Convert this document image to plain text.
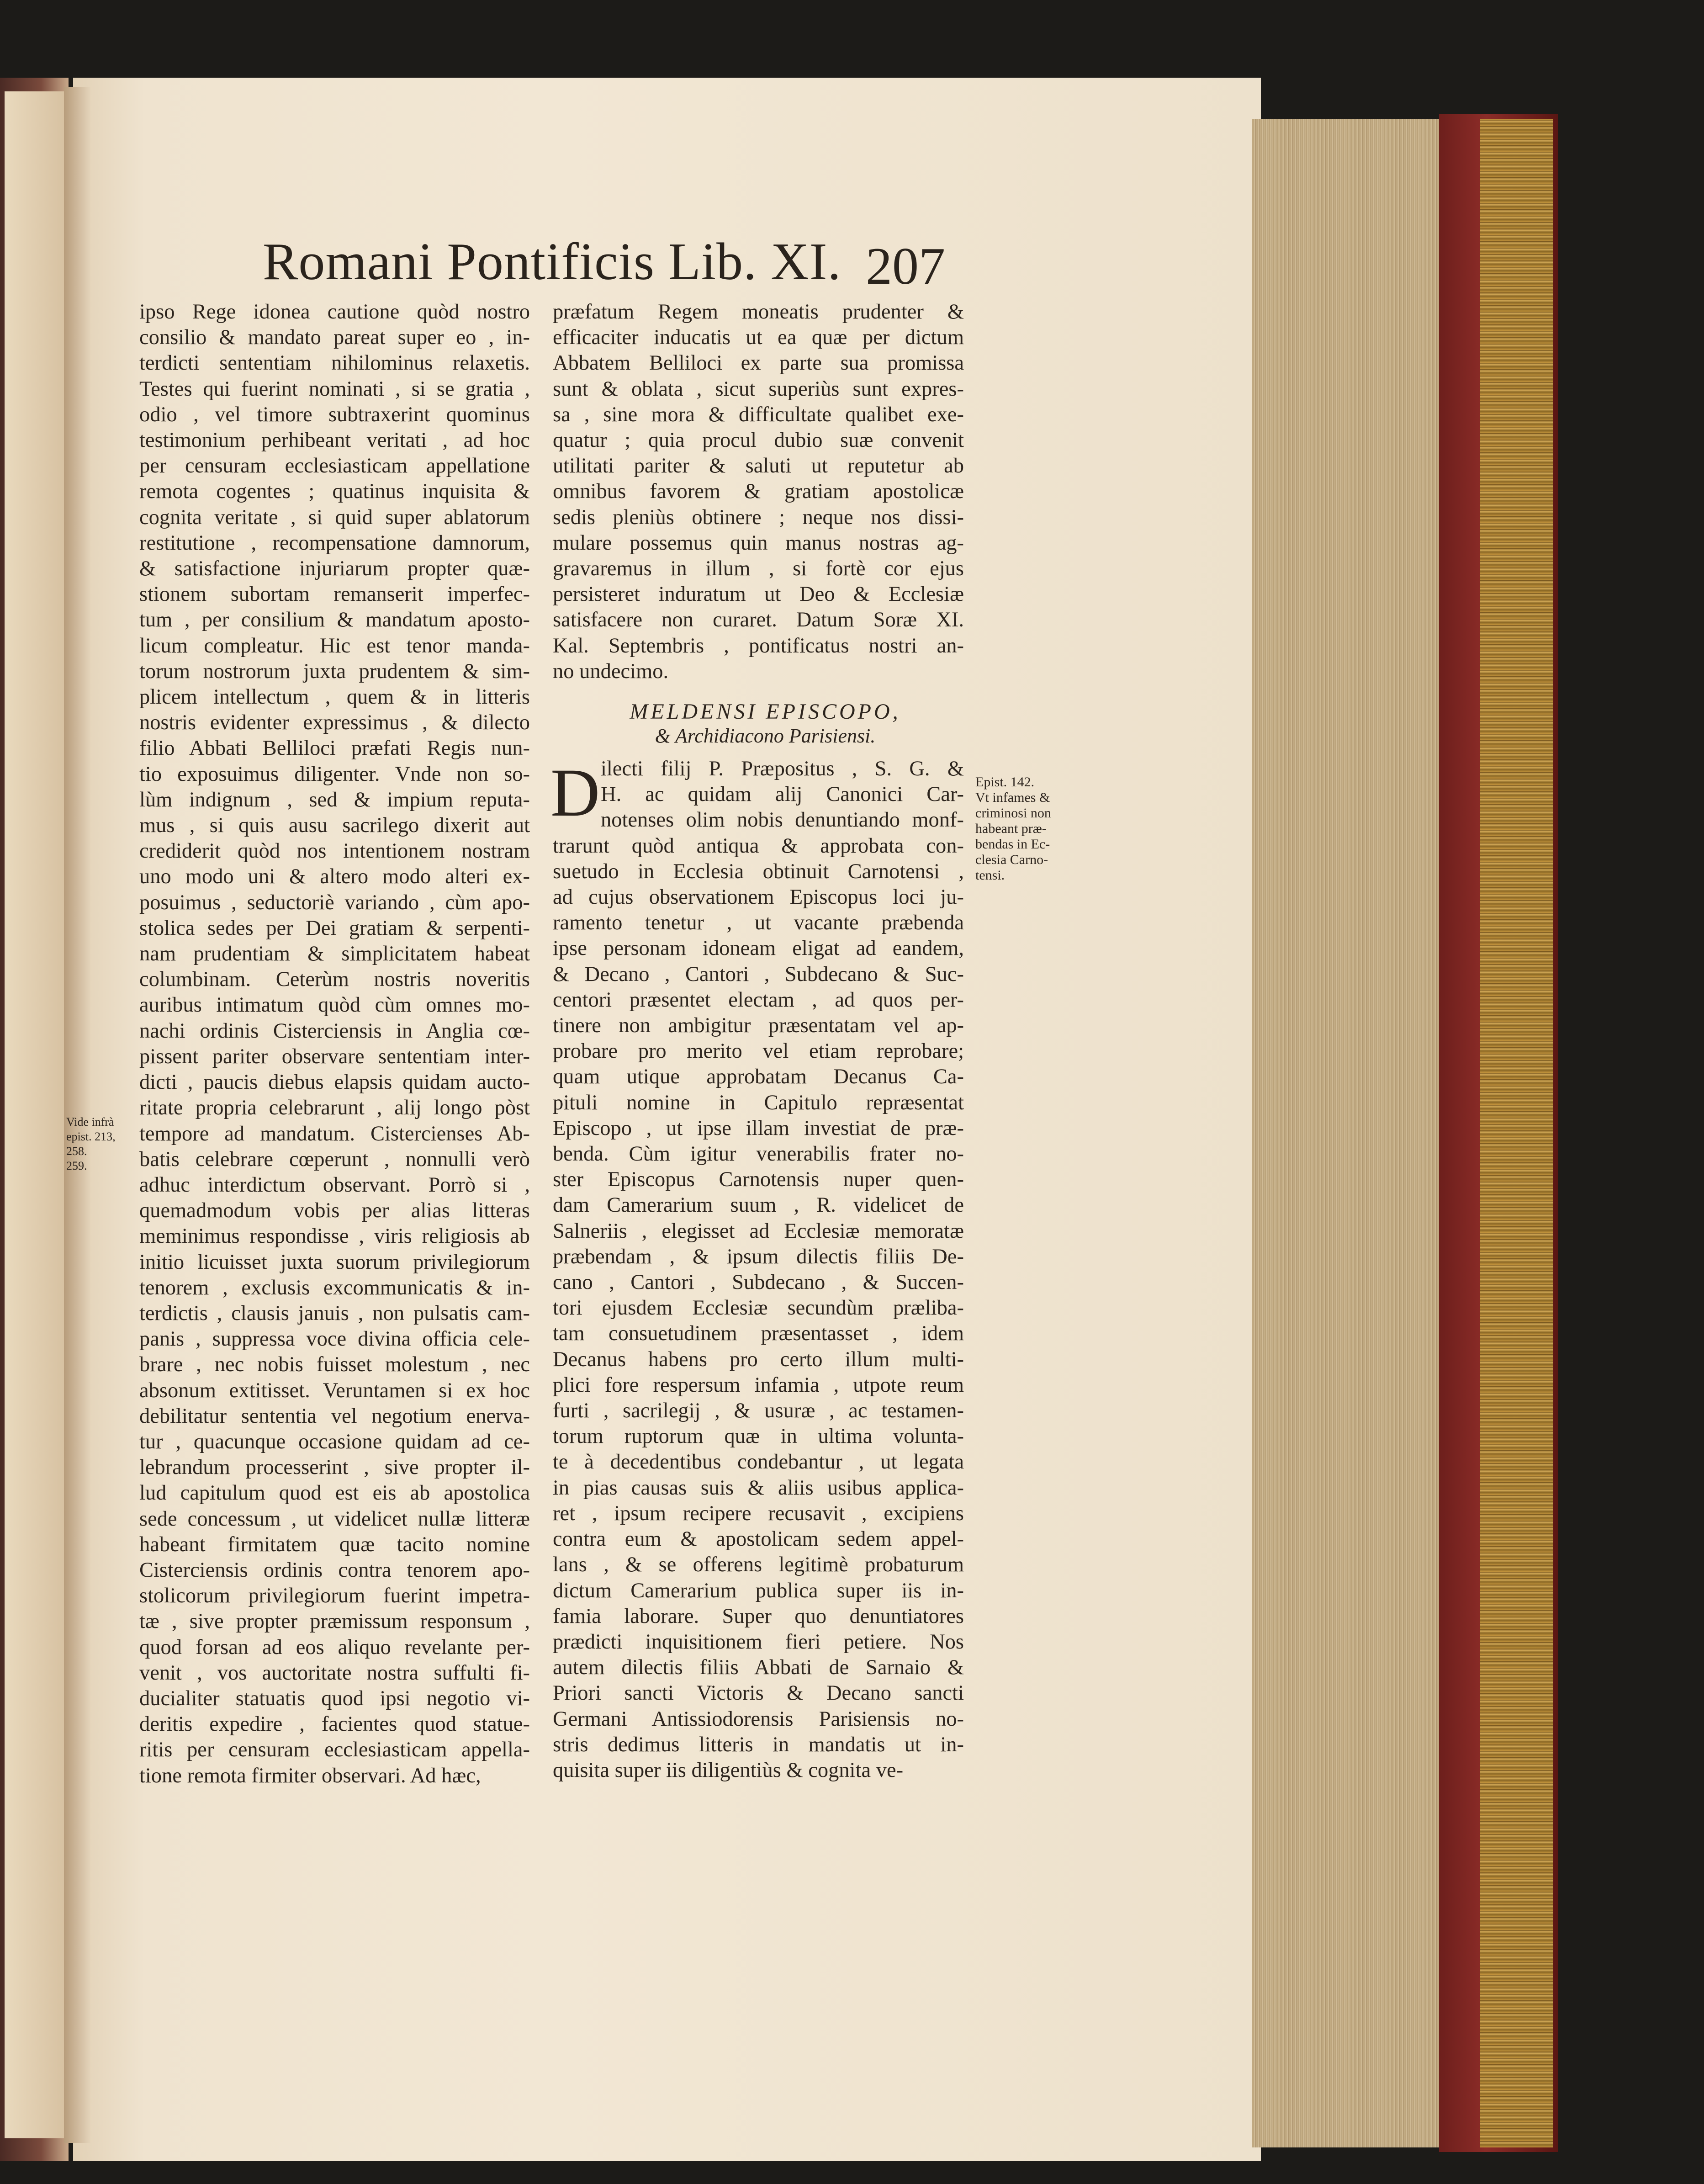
Romani Pontificis Lib. XI. 207
ipso Rege idonea cautione quòd nostro
consilio & mandato pareat super eo , in-
terdicti sententiam nihilominus relaxetis.
Testes qui fuerint nominati , si se gratia ,
odio , vel timore subtraxerint quominus
testimonium perhibeant veritati , ad hoc
per censuram ecclesiasticam appellatione
remota cogentes ; quatinus inquisita &
cognita veritate , si quid super ablatorum
restitutione , recompensatione damnorum,
& satisfactione injuriarum propter quæ-
stionem subortam remanserit imperfec-
tum , per consilium & mandatum aposto-
licum compleatur. Hic est tenor manda-
torum nostrorum juxta prudentem & sim-
plicem intellectum , quem & in litteris
nostris evidenter expressimus , & dilecto
filio Abbati Belliloci præfati Regis nun-
tio exposuimus diligenter. Vnde non so-
lùm indignum , sed & impium reputa-
mus , si quis ausu sacrilego dixerit aut
crediderit quòd nos intentionem nostram
uno modo uni & altero modo alteri ex-
posuimus , seductoriè variando , cùm apo-
stolica sedes per Dei gratiam & serpenti-
nam prudentiam & simplicitatem habeat
columbinam. Ceterùm nostris noveritis
auribus intimatum quòd cùm omnes mo-
nachi ordinis Cisterciensis in Anglia cœ-
pissent pariter observare sententiam inter-
dicti , paucis diebus elapsis quidam aucto-
ritate propria celebrarunt , alij longo pòst
tempore ad mandatum. Cistercienses Ab-
batis celebrare cœperunt , nonnulli verò
adhuc interdictum observant. Porrò si ,
quemadmodum vobis per alias litteras
meminimus respondisse , viris religiosis ab
initio licuisset juxta suorum privilegiorum
tenorem , exclusis excommunicatis & in-
terdictis , clausis januis , non pulsatis cam-
panis , suppressa voce divina officia cele-
brare , nec nobis fuisset molestum , nec
absonum extitisset. Veruntamen si ex hoc
debilitatur sententia vel negotium enerva-
tur , quacunque occasione quidam ad ce-
lebrandum processerint , sive propter il-
lud capitulum quod est eis ab apostolica
sede concessum , ut videlicet nullæ litteræ
habeant firmitatem quæ tacito nomine
Cisterciensis ordinis contra tenorem apo-
stolicorum privilegiorum fuerint impetra-
tæ , sive propter præmissum responsum ,
quod forsan ad eos aliquo revelante per-
venit , vos auctoritate nostra suffulti fi-
ducialiter statuatis quod ipsi negotio vi-
deritis expedire , facientes quod statue-
ritis per censuram ecclesiasticam appella-
tione remota firmiter observari. Ad hæc,
præfatum Regem moneatis prudenter &
efficaciter inducatis ut ea quæ per dictum
Abbatem Belliloci ex parte sua promissa
sunt & oblata , sicut superiùs sunt expres-
sa , sine mora & difficultate qualibet exe-
quatur ; quia procul dubio suæ convenit
utilitati pariter & saluti ut reputetur ab
omnibus favorem & gratiam apostolicæ
sedis pleniùs obtinere ; neque nos dissi-
mulare possemus quin manus nostras ag-
gravaremus in illum , si fortè cor ejus
persisteret induratum ut Deo & Ecclesiæ
satisfacere non curaret. Datum Soræ XI.
Kal. Septembris , pontificatus nostri an-
no undecimo.
MELDENSI EPISCOPO,
& Archidiacono Parisiensi.
D ilecti filij P. Præpositus , S. G. &
H. ac quidam alij Canonici Car-
notenses olim nobis denuntiando monf-
trarunt quòd antiqua & approbata con-
suetudo in Ecclesia obtinuit Carnotensi ,
ad cujus observationem Episcopus loci ju-
ramento tenetur , ut vacante præbenda
ipse personam idoneam eligat ad eandem,
& Decano , Cantori , Subdecano & Suc-
centori præsentet electam , ad quos per-
tinere non ambigitur præsentatam vel ap-
probare pro merito vel etiam reprobare;
quam utique approbatam Decanus Ca-
pituli nomine in Capitulo repræsentat
Episcopo , ut ipse illam investiat de præ-
benda. Cùm igitur venerabilis frater no-
ster Episcopus Carnotensis nuper quen-
dam Camerarium suum , R. videlicet de
Salneriis , elegisset ad Ecclesiæ memoratæ
præbendam , & ipsum dilectis filiis De-
cano , Cantori , Subdecano , & Succen-
tori ejusdem Ecclesiæ secundùm præliba-
tam consuetudinem præsentasset , idem
Decanus habens pro certo illum multi-
plici fore respersum infamia , utpote reum
furti , sacrilegij , & usuræ , ac testamen-
torum ruptorum quæ in ultima volunta-
te à decedentibus condebantur , ut legata
in pias causas suis & aliis usibus applica-
ret , ipsum recipere recusavit , excipiens
contra eum & apostolicam sedem appel-
lans , & se offerens legitimè probaturum
dictum Camerarium publica super iis in-
famia laborare. Super quo denuntiatores
prædicti inquisitionem fieri petiere. Nos
autem dilectis filiis Abbati de Sarnaio &
Priori sancti Victoris & Decano sancti
Germani Antissiodorensis Parisiensis no-
stris dedimus litteris in mandatis ut in-
quisita super iis diligentiùs & cognita ve-
Epist. 142.
Vt infames &
criminosi non
habeant præ-
bendas in Ec-
clesia Carno-
tensi.
Vide infrà
epist. 213, 258.
259.
